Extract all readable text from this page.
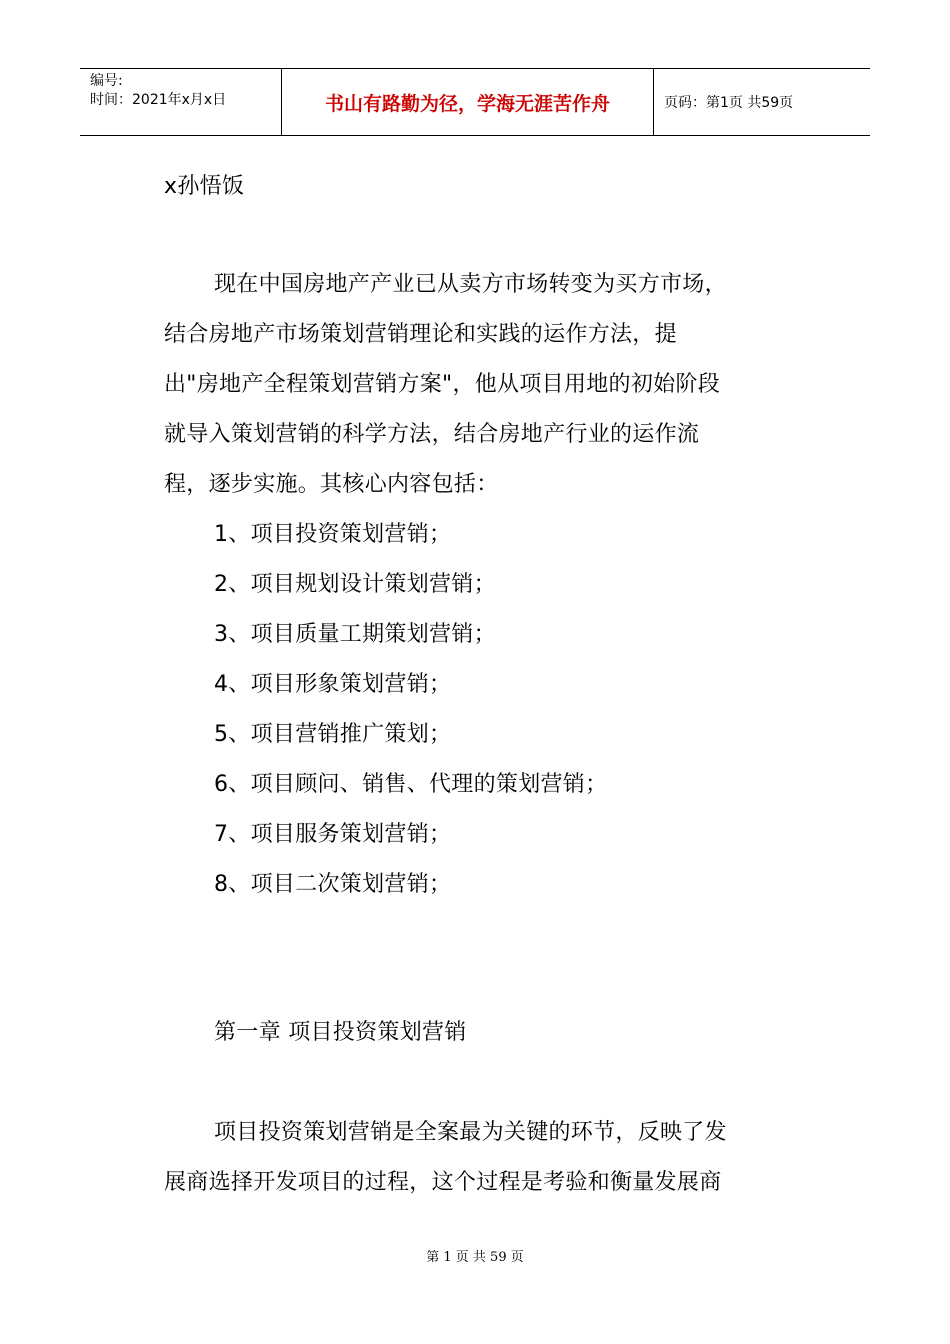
编号:
时间：2021年x月x日	书山有路勤为径，学海无涯苦作舟	页码：第1页 共59页
x孙悟饭
现在中国房地产产业已从卖方市场转变为买方市场，
结合房地产市场策划营销理论和实践的运作方法，提
出"房地产全程策划营销方案"，他从项目用地的初始阶段
就导入策划营销的科学方法，结合房地产行业的运作流
程，逐步实施。其核心内容包括：
1、项目投资策划营销；
2、项目规划设计策划营销；
3、项目质量工期策划营销；
4、项目形象策划营销；
5、项目营销推广策划；
6、项目顾问、销售、代理的策划营销；
7、项目服务策划营销；
8、项目二次策划营销；
第一章 项目投资策划营销
项目投资策划营销是全案最为关键的环节，反映了发
展商选择开发项目的过程，这个过程是考验和衡量发展商
第 1 页 共 59 页
